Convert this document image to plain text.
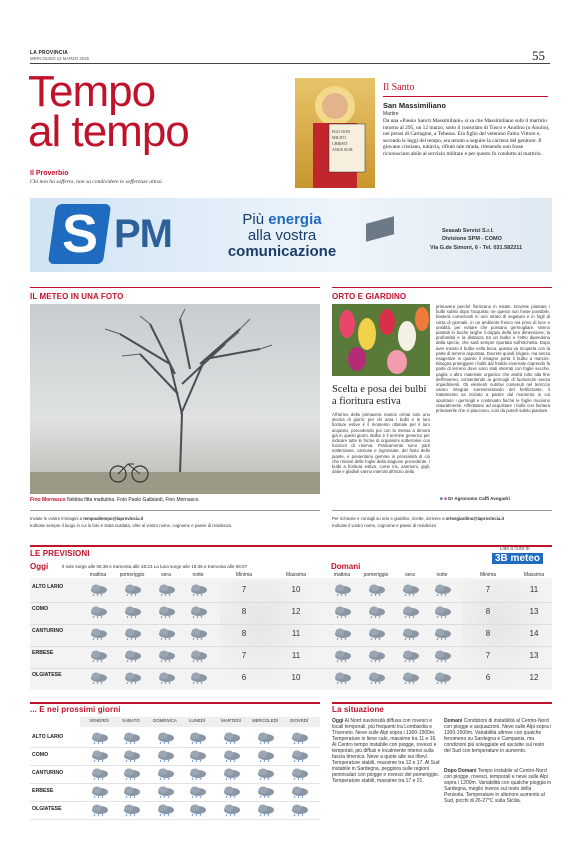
LA PROVINCIA
MERCOLEDÌ 12 MARZO 2025	55
Tempo
al tempo
Il Proverbio
Chi non ha sofferto, non sa condividere le sofferenze altrui.
EGO NON
MILITO
CHRISTI
ANUS SUM
Il Santo
San Massimiliano
Martire
Da una «Passio Sancti Massimiliani» si sa che Massimiliano subì il martirio intorno al 295, un 12 marzo, sotto il consolato di Tusco e Anulino (o Anulio), nei pressi di Cartagine, a Tebessa. Era figlio del veterano Fabio Vittore e, secondo le leggi del tempo, era tenuto a seguire la carriera del genitore. Il giovane cristiano, tuttavia, rifiutò tale strada, ritenendo non fosse riconosciuto abile al servizio militare e per questo fu condotto al martirio.
S PM	Più energia
alla vostra
comunicazione
Seasab Servizi S.r.l.
Divisione SPM - COMO
Via G.de Simoni, 6 - Tel. 031.582211
IL METEO IN UNA FOTO
Fino Mornasco Nebbia fitta mattutina. Foto Paolo Galbiardi, Fino Mornasco.
Inviate le vostre immagini a tempoaltempo@laprovincia.it
Indicate sempre il luogo in cui la foto è stata scattata, oltre al vostro nome, cognome e paese di residenza.
ORTO E GIARDINO
Scelta e posa dei bulbi a fioritura estiva
All'arrivo della primavera manca ormai solo uno decina di giorni: per chi ama i bulbi e le loro fioriture estive è il momento ottimale per il loro acquisto, procedendo poi con la messa a dimora già in questi giorni. Bulbo è il termine generico per indicare tutte le forme di organismi sotterranei con funzioni di riserva. Praticamente sono parti sotterranee, carnose e ingrossate, del fusto delle piante, e presentano gemme in prossimità di ciò che rimane delle foglie della stagione precedente. I bulbi a fioritura estiva, come iris, anemoni, gigli, dalie e gladioli vanno interrati all'inizio della
primavera perché fioriscano in estate. Dovrete piantare i bulbi subito dopo l'acquisto; se questo non fosse possibile, basterà conservarli in uno strato di segatura e in fogli di carta di giornale, in un ambiente fresco ma privo di luce e umidità, per evitare che possano germogliare. Vanno piantati in buche larghe il doppio della loro dimensione; la profondità e la distanza tra un bulbo e l'altro dipendono dalla specie, che sarà sempre riportata sull'etichetta. Dopo aver messo il bulbo nella buca, questa va ricoperta con la parte di terreno asportata. Dovrete quindi irrigare, ma senza esagerare in quanto il ristagno porta il bulbo a marcire. Bisogna proteggere i bulbi dal freddo invernale coprendo la parte di terreno dove sono stati interrati con foglie secche, paglia o altro materiale organico che andrà tolto alla fine dell'inverno, consentendo ai germogli di fuoriuscire senza impedimenti. Gli elementi nutritivi contenuti nel terriccio vanno integrati somministrando del fertilizzante; il trattamento va iniziato a partire dal momento in cui spuntano i germogli e continuato finché le foglie muoiono naturalmente. Affrettatevi ad acquistare i bulbi con fioritura primaverile che vi piacciono, così da poterli subito piantare.
■ ■ Dr Agronomo Caffi Avogadri
Per richieste e consigli su orto e giardino, ricette, scrivere a ortoegiardino@laprovincia.it
Indicate il vostro nome, cognome e paese di residenza
LE PREVISIONI	Dati a cura di
3B meteo
Oggi	Il sole sorge alle 06:38 e tramonta alle 18:23 La luna sorge alle 16:36 e tramonta alle 06:07	Domani
mattina	pomeriggio	sera	notte	Minima	Massima	mattina	pomeriggio	sera	notte	Minima	Massima
... E nei prossimi giorni	La situazione
Oggi Al Nord nuvolosità diffusa con rovesci e locali temporali, più frequenti tra Lombardia e Triveneto. Neve sulle Alpi sopra i 1300-1500m. Temperature in lieve calo, massime tra 11 e 16. Al Centro tempo instabile con piogge, rovesci e temporali, più diffusi e localmente intensi sulla fascia tirrenica. Neve a quote alte sui rilievi. Temperature stabili, massime tra 12 e 17. Al Sud instabile in Sardegna, peggiora sulle regioni peninsulari con piogge e rovesci del pomeriggio. Temperature stabili, massime tra 17 e 21.
Domani Condizioni di instabilità al Centro-Nord con piogge e acquazzoni. Neve sulle Alpi sopra i 1300-1500m. Variabilità altrove con qualche fenomeno su Sardegna e Campania, ma condizioni più soleggiate ed asciutte sul resto del Sud con temperature in aumento.
Dopo Domani Tempo instabile al Centro-Nord con piogge, rovesci, temporali e neve sulle Alpi sopra i 1200m. Variabilità con qualche pioggia in Sardegna, meglio invece sul resto della Penisola. Temperature in ulteriore aumento al Sud, picchi di 26-27°C sulla Sicilia.
ALTO LARIO	7	10	7	11
COMO	8	12	8	13
CANTURINO	8	11	8	14
ERBESE	7	11	7	13
OLGIATESE	6	10	6	12
VENERDÌ	SABATO	DOMENICA	LUNEDÌ	MARTEDÌ	MERCOLEDÌ	GIOVEDÌ
ALTO LARIO
COMO
CANTURINO
ERBESE
OLGIATESE
